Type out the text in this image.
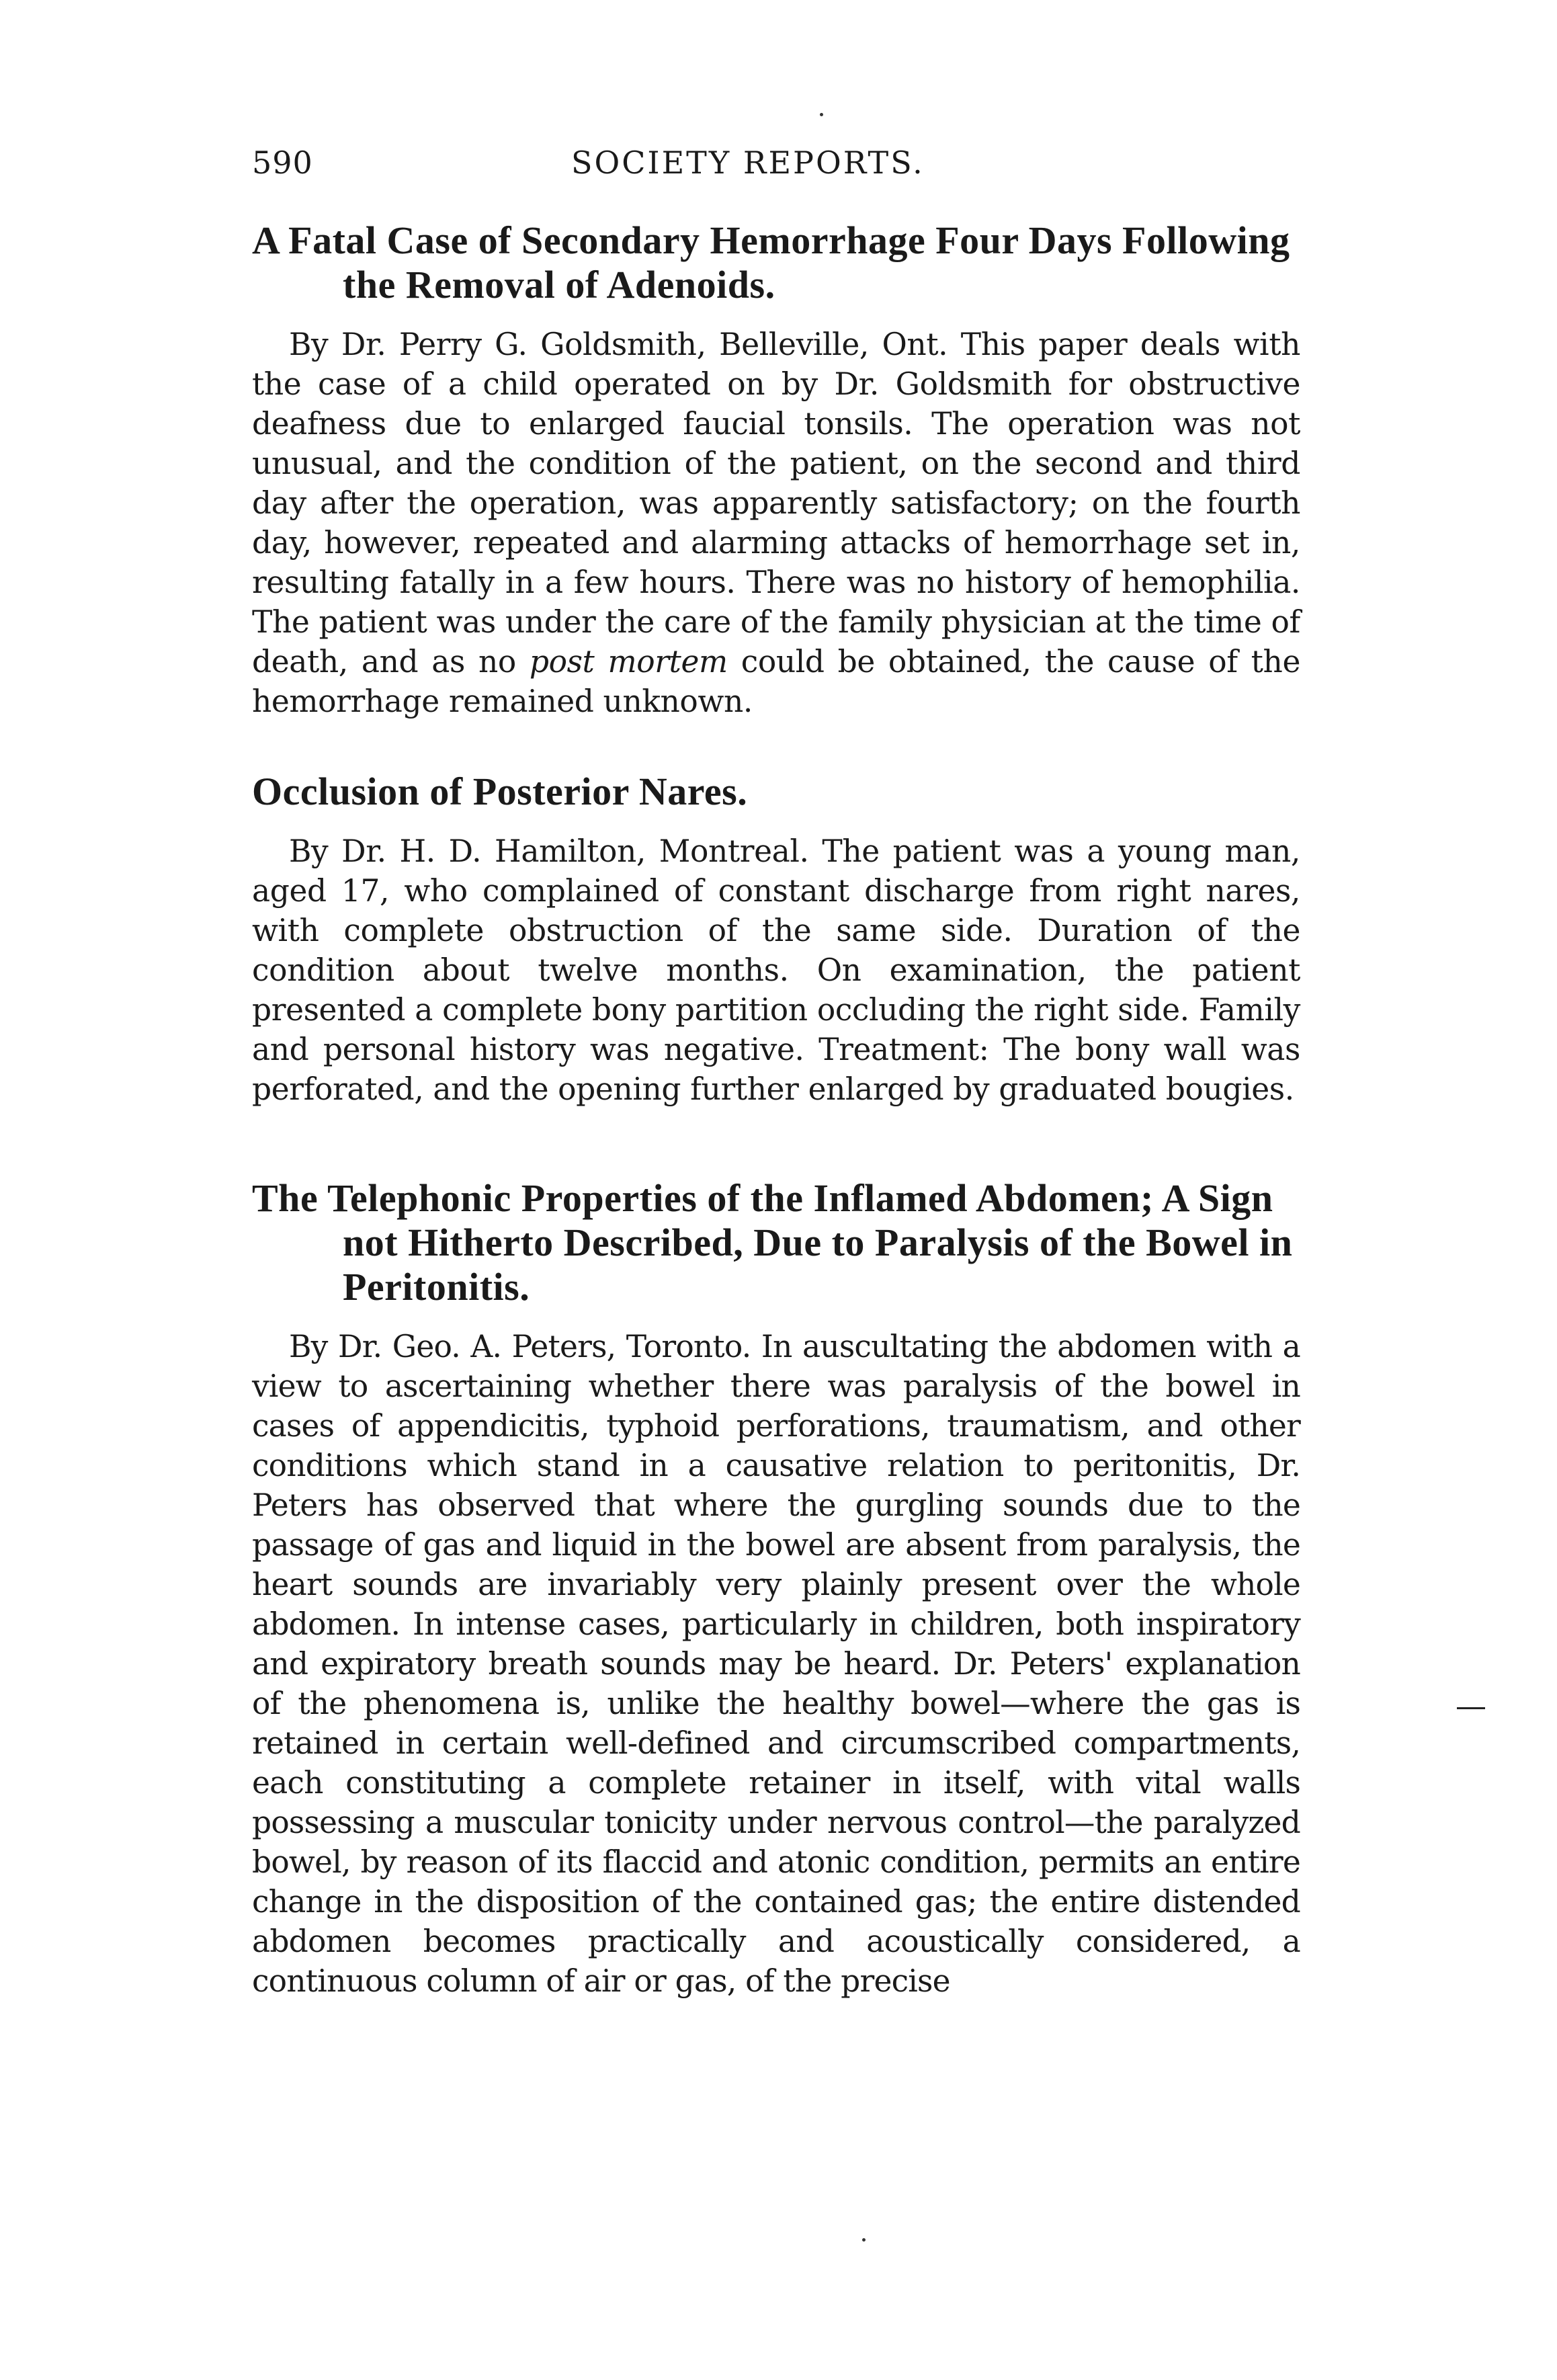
590	SOCIETY REPORTS.
A Fatal Case of Secondary Hemorrhage Four Days Following the Removal of Adenoids.

By Dr. Perry G. Goldsmith, Belleville, Ont. This paper deals with the case of a child operated on by Dr. Goldsmith for obstructive deafness due to enlarged faucial tonsils. The operation was not unusual, and the condition of the patient, on the second and third day after the operation, was apparently satisfactory; on the fourth day, however, repeated and alarming attacks of hemorrhage set in, resulting fatally in a few hours. There was no history of hemophilia. The patient was under the care of the family physician at the time of death, and as no post mortem could be obtained, the cause of the hemorrhage remained unknown.

Occlusion of Posterior Nares.

By Dr. H. D. Hamilton, Montreal. The patient was a young man, aged 17, who complained of constant discharge from right nares, with complete obstruction of the same side. Duration of the condition about twelve months. On examination, the patient presented a complete bony partition occluding the right side. Family and personal history was negative. Treatment: The bony wall was perforated, and the opening further enlarged by graduated bougies.

The Telephonic Properties of the Inflamed Abdomen; A Sign not Hitherto Described, Due to Paralysis of the Bowel in Peritonitis.

By Dr. Geo. A. Peters, Toronto. In auscultating the abdomen with a view to ascertaining whether there was paralysis of the bowel in cases of appendicitis, typhoid perforations, traumatism, and other conditions which stand in a causative relation to peritonitis, Dr. Peters has observed that where the gurgling sounds due to the passage of gas and liquid in the bowel are absent from paralysis, the heart sounds are invariably very plainly present over the whole abdomen. In intense cases, particularly in children, both inspiratory and expiratory breath sounds may be heard. Dr. Peters' explanation of the phenomena is, unlike the healthy bowel—where the gas is retained in certain well-defined and circumscribed compartments, each constituting a complete retainer in itself, with vital walls possessing a muscular tonicity under nervous control—the paralyzed bowel, by reason of its flaccid and atonic condition, permits an entire change in the disposition of the contained gas; the entire distended abdomen becomes practically and acoustically considered, a continuous column of air or gas, of the precise
